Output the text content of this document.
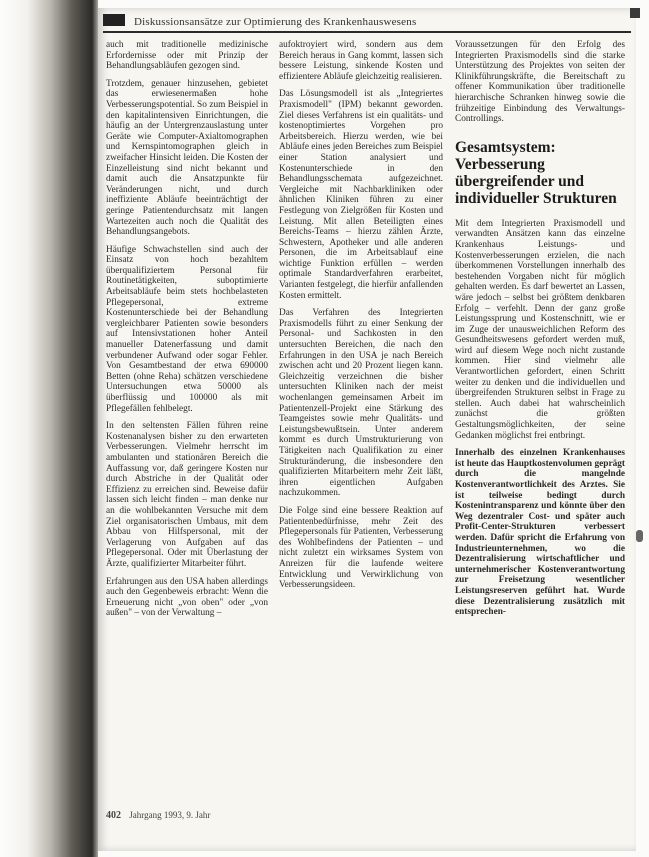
Diskussionsansätze zur Optimierung des Krankenhauswesens

auch mit traditionelle medizinische Erfordernisse oder mit Prinzip der Behandlungsabläufen gezogen sind.

Trotzdem, genauer hinzusehen, gebietet das erwiesenermaßen hohe Verbesserungspotential. So zum Beispiel in den kapitalintensiven Einrichtungen, die häufig an der Untergrenzauslastung unter Geräte wie Computer-Axialtomographen und Kernspintomographen gleich in zweifacher Hinsicht leiden. Die Kosten der Einzelleistung sind nicht bekannt und damit auch die Ansatzpunkte für Veränderungen nicht, und durch ineffiziente Abläufe beeinträchtigt der geringe Patientendurchsatz mit langen Wartezeiten auch noch die Qualität des Behandlungsangebots.

Häufige Schwachstellen sind auch der Einsatz von hoch bezahltem überqualifiziertem Personal für Routinetätigkeiten, suboptimierte Arbeitsabläufe beim stets hochbelasteten Pflegepersonal, extreme Kostenunterschiede bei der Behandlung vergleichbarer Patienten sowie besonders auf Intensivstationen hoher Anteil manueller Datenerfassung und damit verbundener Aufwand oder sogar Fehler. Von Gesamtbestand der etwa 690000 Betten (ohne Reha) schätzen verschiedene Untersuchungen etwa 50000 als überflüssig und 100000 als mit Pflegefällen fehlbelegt.

In den seltensten Fällen führen reine Kostenanalysen bisher zu den erwarteten Verbesserungen. Vielmehr herrscht im ambulanten und stationären Bereich die Auffassung vor, daß geringere Kosten nur durch Abstriche in der Qualität oder Effizienz zu erreichen sind. Beweise dafür lassen sich leicht finden – man denke nur an die wohlbekannten Versuche mit dem Ziel organisatorischen Umbaus, mit dem Abbau von Hilfspersonal, mit der Verlagerung von Aufgaben auf das Pflegepersonal. Oder mit Überlastung der Ärzte, qualifizierter Mitarbeiter führt.

Erfahrungen aus den USA haben allerdings auch den Gegenbeweis erbracht: Wenn die Erneuerung nicht „von oben" oder „von außen" – von der Verwaltung –

aufoktroyiert wird, sondern aus dem Bereich heraus in Gang kommt, lassen sich bessere Leistung, sinkende Kosten und effizientere Abläufe gleichzeitig realisieren.

Das Lösungsmodell ist als „Integriertes Praxismodell" (IPM) bekannt geworden. Ziel dieses Verfahrens ist ein qualitäts- und kostenoptimiertes Vorgehen pro Arbeitsbereich. Hierzu werden, wie bei Abläufe eines jeden Bereiches zum Beispiel einer Station analysiert und Kostenunterschiede in den Behandlungsschemata aufgezeichnet. Vergleiche mit Nachbarkliniken oder ähnlichen Kliniken führen zu einer Festlegung von Zielgrößen für Kosten und Leistung. Mit allen Beteiligten eines Bereichs-Teams – hierzu zählen Ärzte, Schwestern, Apotheker und alle anderen Personen, die im Arbeitsablauf eine wichtige Funktion erfüllen – werden optimale Standardverfahren erarbeitet, Varianten festgelegt, die hierfür anfallenden Kosten ermittelt.

Das Verfahren des Integrierten Praxismodells führt zu einer Senkung der Personal- und Sachkosten in den untersuchten Bereichen, die nach den Erfahrungen in den USA je nach Bereich zwischen acht und 20 Prozent liegen kann. Gleichzeitig verzeichnen die bisher untersuchten Kliniken nach der meist wochenlangen gemeinsamen Arbeit im Patientenzell-Projekt eine Stärkung des Teamgeistes sowie mehr Qualitäts- und Leistungsbewußtsein. Unter anderem kommt es durch Umstrukturierung von Tätigkeiten nach Qualifikation zu einer Strukturänderung, die insbesondere den qualifizierten Mitarbeitern mehr Zeit läßt, ihren eigentlichen Aufgaben nachzukommen.

Die Folge sind eine bessere Reaktion auf Patientenbedürfnisse, mehr Zeit des Pflegepersonals für Patienten, Verbesserung des Wohlbefindens der Patienten – und nicht zuletzt ein wirksames System von Anreizen für die laufende weitere Entwicklung und Verwirklichung von Verbesserungsideen.

Voraussetzungen für den Erfolg des Integrierten Praxismodells sind die starke Unterstützung des Projektes von seiten der Klinikführungskräfte, die Bereitschaft zu offener Kommunikation über traditionelle hierarchische Schranken hinweg sowie die frühzeitige Einbindung des Verwaltungs-Controllings.

Gesamtsystem: Verbesserung übergreifender und individueller Strukturen

Mit dem Integrierten Praxismodell und verwandten Ansätzen kann das einzelne Krankenhaus Leistungs- und Kostenverbesserungen erzielen, die nach überkommenen Vorstellungen innerhalb des bestehenden Vorgaben nicht für möglich gehalten werden. Es darf bewertet an Lassen, wäre jedoch – selbst bei größtem denkbaren Erfolg – verfehlt. Denn der ganz große Leistungssprung und Kostenschnitt, wie er im Zuge der unausweichlichen Reform des Gesundheitswesens gefordert werden muß, wird auf diesem Wege noch nicht zustande kommen. Hier sind vielmehr alle Verantwortlichen gefordert, einen Schritt weiter zu denken und die individuellen und übergreifenden Strukturen selbst in Frage zu stellen. Auch dabei hat wahrscheinlich zunächst die größten Gestaltungsmöglichkeiten, der seine Gedanken möglichst frei entbringt.

Innerhalb des einzelnen Krankenhauses ist heute das Hauptkostenvolumen geprägt durch die mangelnde Kostenverantwortlichkeit des Arztes. Sie ist teilweise bedingt durch Kostenintransparenz und könnte über den Weg dezentraler Cost- und später auch Profit-Center-Strukturen verbessert werden. Dafür spricht die Erfahrung von Industrieunternehmen, wo die Dezentralisierung wirtschaftlicher und unternehmerischer Kostenverantwortung zur Freisetzung wesentlicher Leistungsreserven geführt hat. Wurde diese Dezentralisierung zusätzlich mit entsprechen-

402 Jahrgang 1993, 9. Jahr
